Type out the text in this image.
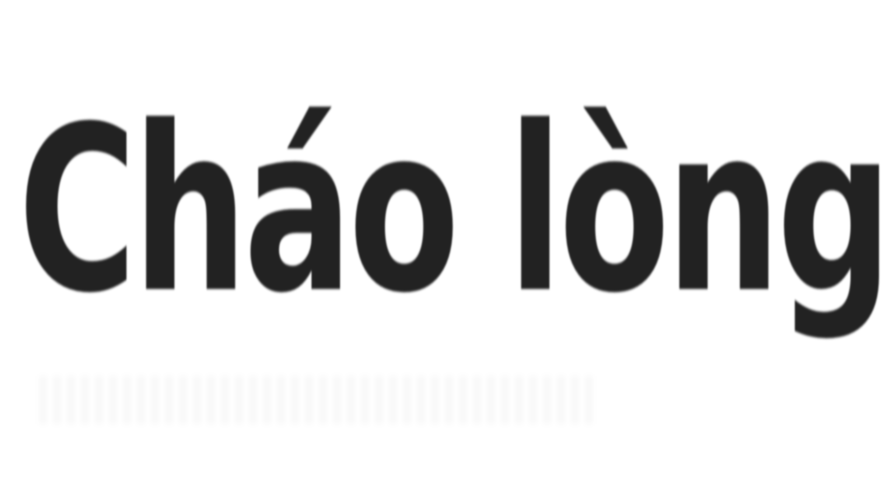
Cháo lòng
